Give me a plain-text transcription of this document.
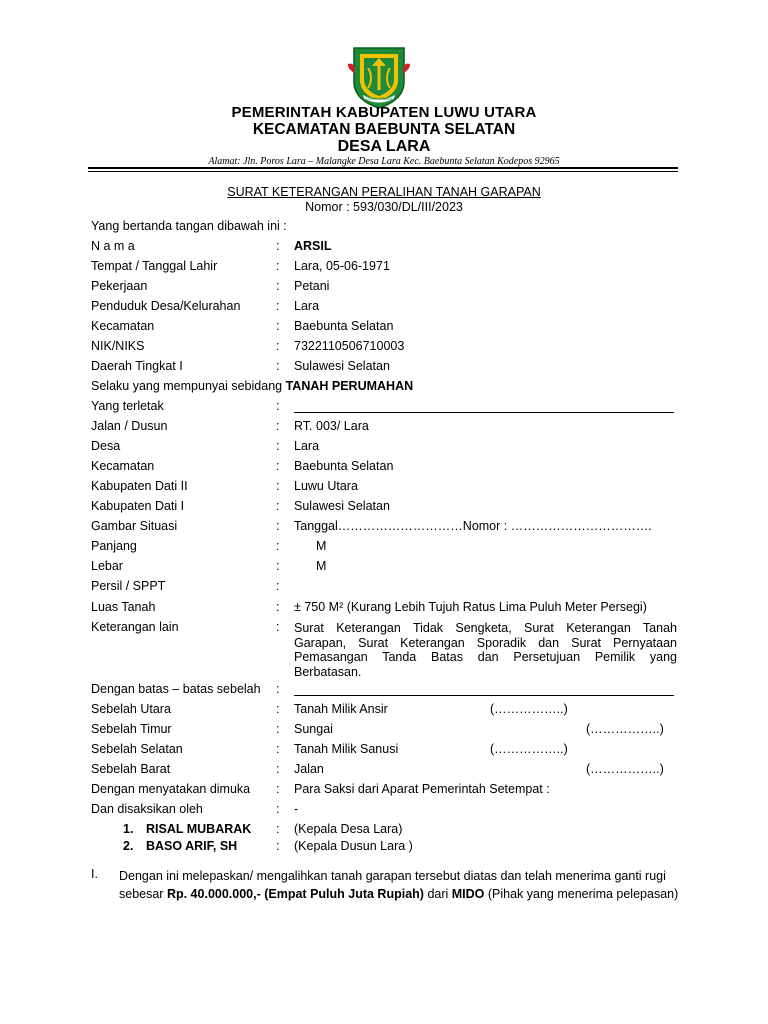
LUWU UTARA
PEMERINTAH KABUPATEN LUWU UTARA
KECAMATAN BAEBUNTA SELATAN
DESA LARA
Alamat: Jln. Poros Lara – Malangke Desa Lara Kec. Baebunta Selatan Kodepos 92965
SURAT KETERANGAN PERALIHAN TANAH GARAPAN
Nomor : 593/030/DL/III/2023
Yang bertanda tangan dibawah ini :
N a m a	: ARSIL
Tempat / Tanggal Lahir	: Lara, 05-06-1971
Pekerjaan	: Petani
Penduduk Desa/Kelurahan	: Lara
Kecamatan	: Baebunta Selatan
NIK/NIKS	: 7322110506710003
Daerah Tingkat I	: Sulawesi Selatan
Selaku yang mempunyai sebidang TANAH PERUMAHAN
Yang terletak	:
Jalan / Dusun	: RT. 003/ Lara
Desa	: Lara
Kecamatan	: Baebunta Selatan
Kabupaten Dati II	: Luwu Utara
Kabupaten Dati I	: Sulawesi Selatan
Gambar Situasi	: Tanggal…………………………Nomor : …………………………….
Panjang	:	M
Lebar	:	M
Persil / SPPT	:
Luas Tanah	: ± 750 M² (Kurang Lebih Tujuh Ratus Lima Puluh Meter Persegi)
Keterangan lain	: Surat Keterangan Tidak Sengketa, Surat Keterangan Tanah Garapan, Surat Keterangan Sporadik dan Surat Pernyataan Pemasangan Tanda Batas dan Persetujuan Pemilik yang Berbatasan.
Dengan batas – batas sebelah :
Sebelah Utara	: Tanah Milik Ansir	(……………..)
Sebelah Timur	: Sungai	(……………..)
Sebelah Selatan	: Tanah Milik Sanusi	(……………..)
Sebelah Barat	: Jalan	(……………..)
Dengan menyatakan dimuka : Para Saksi dari Aparat Pemerintah Setempat :
Dan disaksikan oleh	: -
1. RISAL MUBARAK : (Kepala Desa Lara)
2. BASO ARIF, SH	: (Kepala Dusun Lara )
I. Dengan ini melepaskan/ mengalihkan tanah garapan tersebut diatas dan telah menerima ganti rugi sebesar Rp. 40.000.000,- (Empat Puluh Juta Rupiah) dari MIDO (Pihak yang menerima pelepasan)
